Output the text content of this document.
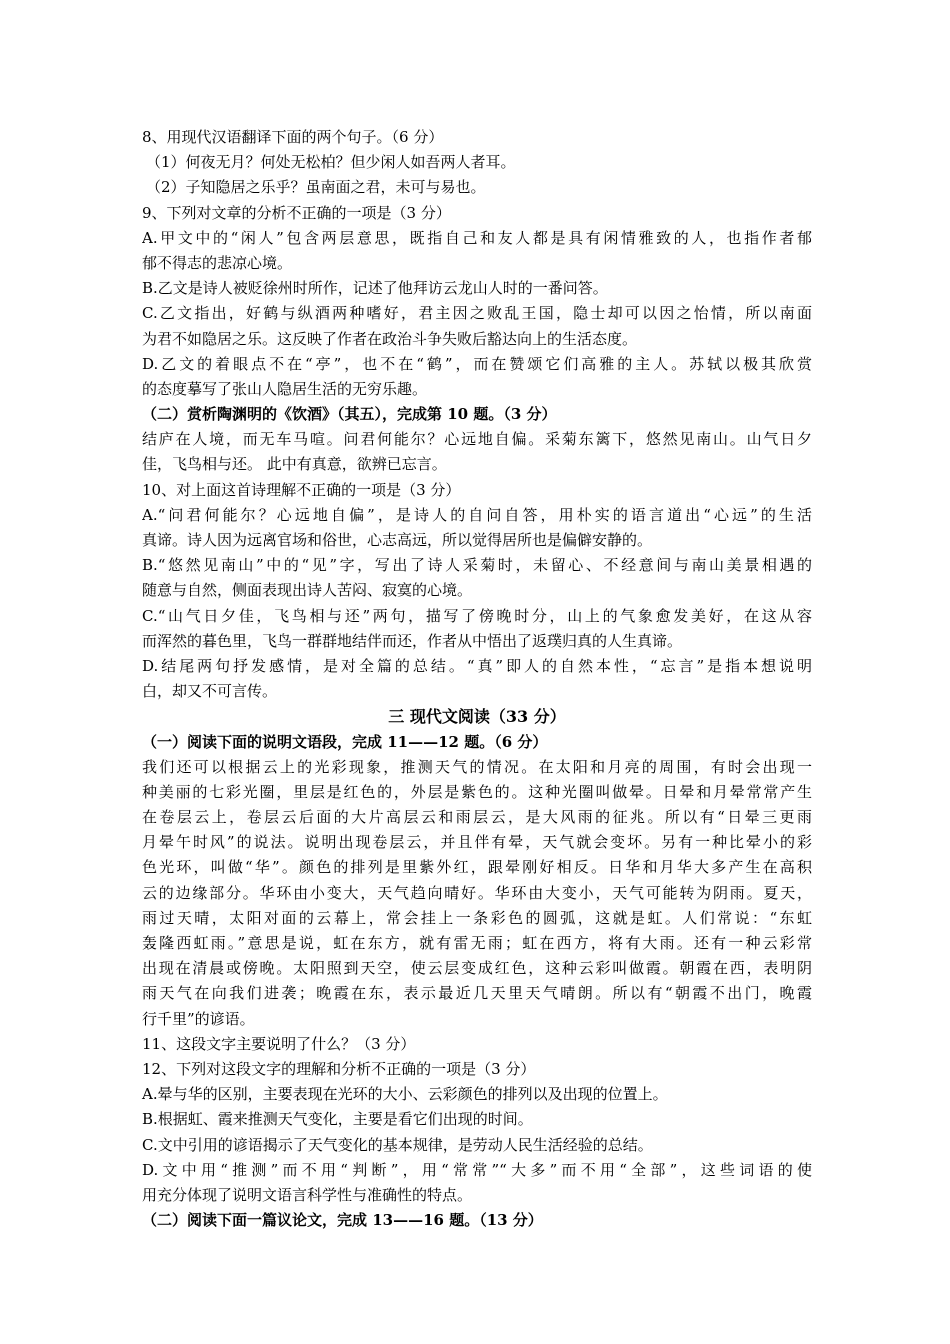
8、用现代汉语翻译下面的两个句子。（6 分）
（1）何夜无月？何处无松柏？但少闲人如吾两人者耳。
（2）子知隐居之乐乎？虽南面之君，未可与易也。
9、下列对文章的分析不正确的一项是（3 分）
A.甲文中的“闲人”包含两层意思，既指自己和友人都是具有闲情雅致的人，也指作者郁
郁不得志的悲凉心境。
B.乙文是诗人被贬徐州时所作，记述了他拜访云龙山人时的一番问答。
C.乙文指出，好鹤与纵酒两种嗜好，君主因之败乱王国，隐士却可以因之怡情，所以南面
为君不如隐居之乐。这反映了作者在政治斗争失败后豁达向上的生活态度。
D.乙文的着眼点不在“亭”，也不在“鹤”，而在赞颂它们高雅的主人。苏轼以极其欣赏
的态度摹写了张山人隐居生活的无穷乐趣。
（二）赏析陶渊明的《饮酒》（其五），完成第 10 题。（3 分）
结庐在人境，而无车马喧。问君何能尔？心远地自偏。采菊东篱下，悠然见南山。山气日夕
佳，飞鸟相与还。 此中有真意，欲辨已忘言。
10、对上面这首诗理解不正确的一项是（3 分）
A.“问君何能尔？心远地自偏”，是诗人的自问自答，用朴实的语言道出“心远”的生活
真谛。诗人因为远离官场和俗世，心志高远，所以觉得居所也是偏僻安静的。
B.“悠然见南山”中的“见”字，写出了诗人采菊时，未留心、不经意间与南山美景相遇的
随意与自然，侧面表现出诗人苦闷、寂寞的心境。
C.“山气日夕佳，飞鸟相与还”两句，描写了傍晚时分，山上的气象愈发美好，在这从容
而浑然的暮色里，飞鸟一群群地结伴而还，作者从中悟出了返璞归真的人生真谛。
D.结尾两句抒发感情，是对全篇的总结。“真”即人的自然本性，“忘言”是指本想说明
白，却又不可言传。
三 现代文阅读（33 分）
（一）阅读下面的说明文语段，完成 11——12 题。（6 分）
我们还可以根据云上的光彩现象，推测天气的情况。在太阳和月亮的周围，有时会出现一
种美丽的七彩光圈，里层是红色的，外层是紫色的。这种光圈叫做晕。日晕和月晕常常产生
在卷层云上，卷层云后面的大片高层云和雨层云，是大风雨的征兆。所以有“日晕三更雨
月晕午时风”的说法。说明出现卷层云，并且伴有晕，天气就会变坏。另有一种比晕小的彩
色光环，叫做“华”。颜色的排列是里紫外红，跟晕刚好相反。日华和月华大多产生在高积
云的边缘部分。华环由小变大，天气趋向晴好。华环由大变小，天气可能转为阴雨。夏天，
雨过天晴，太阳对面的云幕上，常会挂上一条彩色的圆弧，这就是虹。人们常说：“东虹
轰隆西虹雨。”意思是说，虹在东方，就有雷无雨；虹在西方，将有大雨。还有一种云彩常
出现在清晨或傍晚。太阳照到天空，使云层变成红色，这种云彩叫做霞。朝霞在西，表明阴
雨天气在向我们进袭；晚霞在东，表示最近几天里天气晴朗。所以有“朝霞不出门，晚霞
行千里”的谚语。
11、这段文字主要说明了什么？（3 分）
12、下列对这段文字的理解和分析不正确的一项是（3 分）
A.晕与华的区别，主要表现在光环的大小、云彩颜色的排列以及出现的位置上。
B.根据虹、霞来推测天气变化，主要是看它们出现的时间。
C.文中引用的谚语揭示了天气变化的基本规律，是劳动人民生活经验的总结。
D.文中用“推测”而不用“判断”，用“常常”“大多”而不用“全部”，这些词语的使
用充分体现了说明文语言科学性与准确性的特点。
（二）阅读下面一篇议论文，完成 13——16 题。（13 分）
